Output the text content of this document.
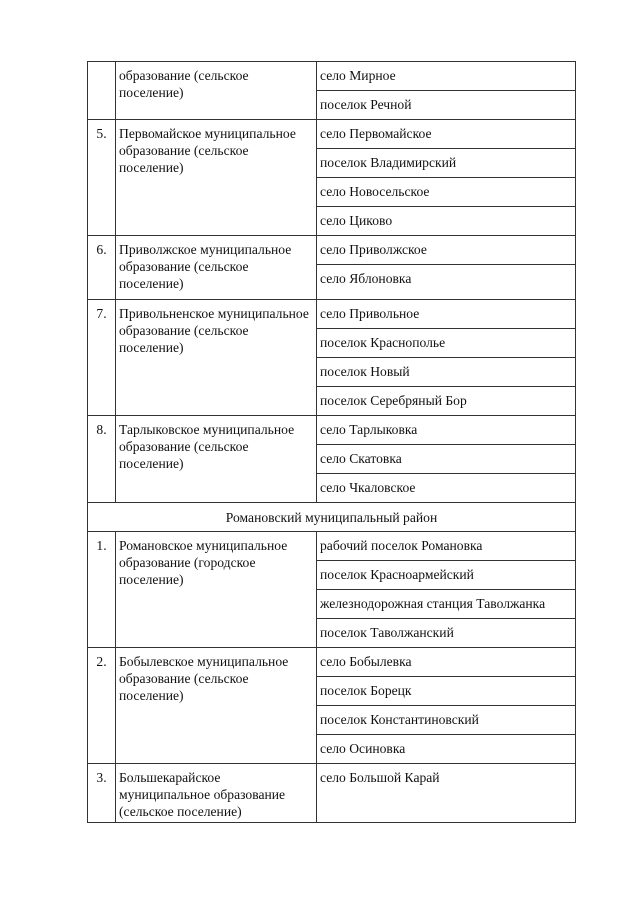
	образование (сельское поселение)	село Мирное

		поселок Речной

5.	Первомайское муниципальное образование (сельское поселение)	село Первомайское

		поселок Владимирский

		село Новосельское

		село Циково

6.	Приволжское муниципальное образование (сельское поселение)	село Приволжское

		село Яблоновка

7.	Привольненское муниципальное образование (сельское поселение)	село Привольное

		поселок Краснополье

		поселок Новый

		поселок Серебряный Бор

8.	Тарлыковское муниципальное образование (сельское поселение)	село Тарлыковка

		село Скатовка

		село Чкаловское

Романовский муниципальный район		

1.	Романовское муниципальное образование (городское поселение)	рабочий поселок Романовка

		поселок Красноармейский

		железнодорожная станция Таволжанка

		поселок Таволжанский

2.	Бобылевское муниципальное образование (сельское поселение)	село Бобылевка

		поселок Борецк

		поселок Константиновский

		село Осиновка

3.	Большекарайское муниципальное образование (сельское поселение)	село Большой Карай
